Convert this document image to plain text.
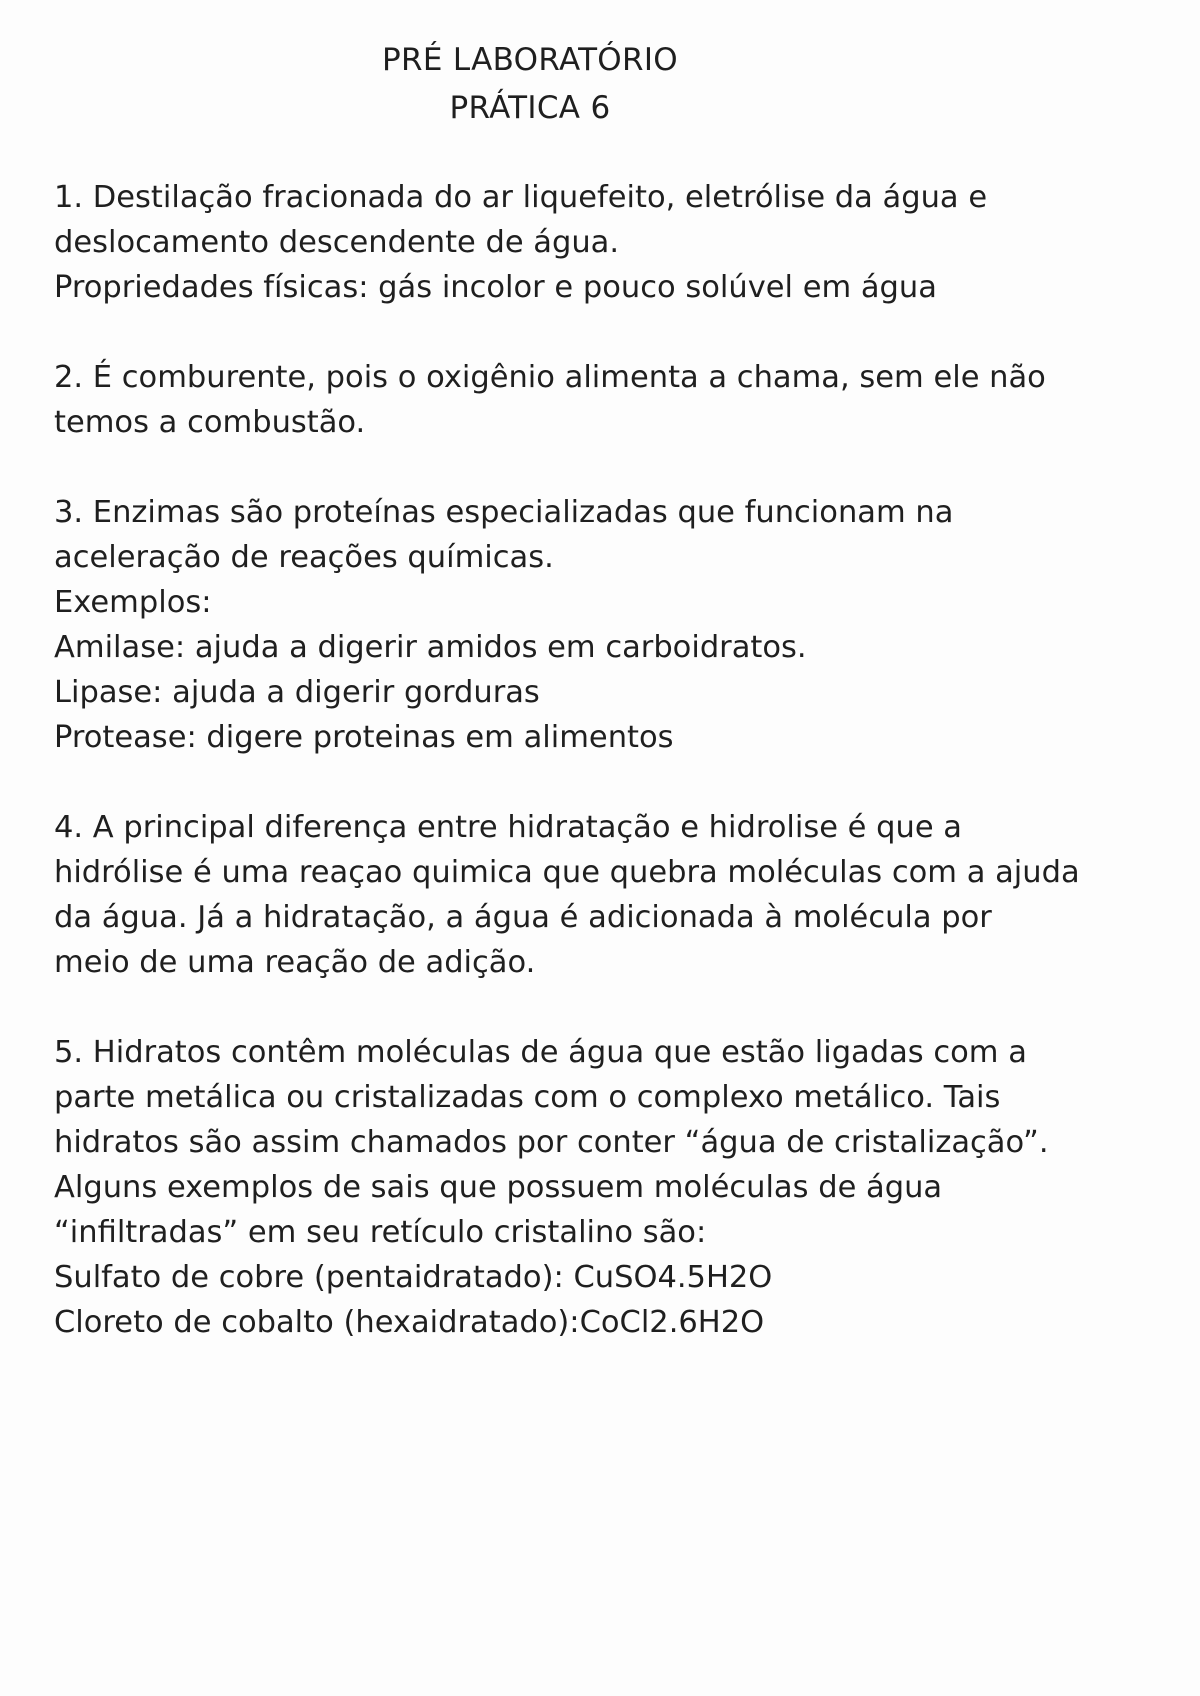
PRÉ LABORATÓRIO
PRÁTICA 6
1. Destilação fracionada do ar liquefeito, eletrólise da água e
deslocamento descendente de água.
Propriedades físicas: gás incolor e pouco solúvel em água
2. É comburente, pois o oxigênio alimenta a chama, sem ele não
temos a combustão.
3. Enzimas são proteínas especializadas que funcionam na
aceleração de reações químicas.
Exemplos:
Amilase: ajuda a digerir amidos em carboidratos.
Lipase: ajuda a digerir gorduras
Protease: digere proteinas em alimentos
4. A principal diferença entre hidratação e hidrolise é que a
hidrólise é uma reaçao quimica que quebra moléculas com a ajuda
da água. Já a hidratação, a água é adicionada à molécula por
meio de uma reação de adição.
5. Hidratos contêm moléculas de água que estão ligadas com a
parte metálica ou cristalizadas com o complexo metálico. Tais
hidratos são assim chamados por conter “água de cristalização”.
Alguns exemplos de sais que possuem moléculas de água
“infiltradas” em seu retículo cristalino são:
Sulfato de cobre (pentaidratado): CuSO4.5H2O
Cloreto de cobalto (hexaidratado):CoCl2.6H2O
